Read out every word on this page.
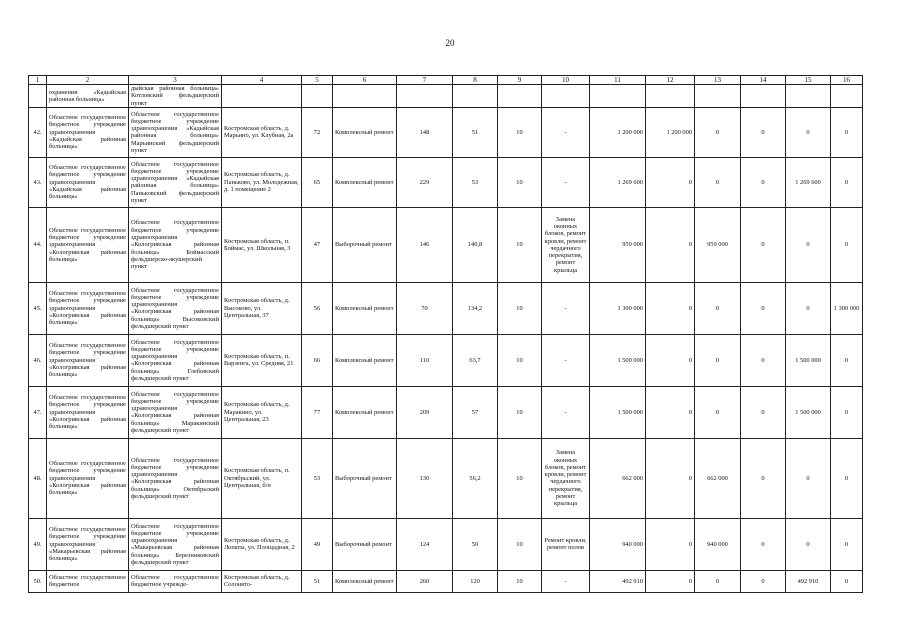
20
1	2	3	4	5	6	7	8	9	10	11	12	13	14	15	16
	охранения «Кадыйская районная больница»	дыйская районная больница» Котловский фельдшерский пункт													
42.	Областное государственное бюджетное учреждение здравоохранения «Кадыйская районная больница»	Областное государственное бюджетное учреждение здравоохранения «Кадыйская районная больница» Марьинский фельдшерский пункт	Костромская область, д. Марьино, ул. Клубная, 2а	72	Комплексный ремонт	148	51	10	-	1 200 000	1 200 000	0	0	0	0
43.	Областное государственное бюджетное учреждение здравоохранения «Кадыйская районная больница»	Областное государственное бюджетное учреждение здравоохранения «Кадыйская районная больница» Паньковский фельдшерский пункт	Костромская область, д. Паньково, ул. Молодежная, д. 1 помещение 2	65	Комплексный ремонт	229	53	10	-	1 269 600	0	0	0	1 269 600	0
44.	Областное государственное бюджетное учреждение здравоохранения «Кологривская районная больница»	Областное государственное бюджетное учреждение здравоохранения «Кологривская районная больница» Боймасский фельдшерско-акушерский пункт	Костромская область, п. Боймас, ул. Школьная, 3	47	Выборочный ремонт	146	140,8	10	Замена оконных блоков, ремонт кровли, ремонт чердачного перекрытия, ремонт крыльца	959 000	0	959 000	0	0	0
45.	Областное государственное бюджетное учреждение здравоохранения «Кологривская районная больница»	Областное государственное бюджетное учреждение здравоохранения «Кологривская районная больница» Высоковский фельдшерский пункт	Костромская область, д. Высоково, ул. Центральная, 37	56	Комплексный ремонт	70	134,2	10	-	1 300 000	0	0	0	0	1 300 000
46.	Областное государственное бюджетное учреждение здравоохранения «Кологривская районная больница»	Областное государственное бюджетное учреждение здравоохранения «Кологривская районная больница» Глебовский фельдшерский пункт	Костромская область, п. Варзенга, ул. Средняя, 21	66	Комплексный ремонт	110	63,7	10	-	1 500 000	0	0	0	1 500 000	0
47.	Областное государственное бюджетное учреждение здравоохранения «Кологривская районная больница»	Областное государственное бюджетное учреждение здравоохранения «Кологривская районная больница» Маракинский фельдшерский пункт	Костромская область, д. Маракино, ул. Центральная, 23	77	Комплексный ремонт	209	57	10	-	1 500 000	0	0	0	1 500 000	0
48.	Областное государственное бюджетное учреждение здравоохранения «Кологривская районная больница»	Областное государственное бюджетное учреждение здравоохранения «Кологривская районная больница» Октябрьский фельдшерский пункт	Костромская область, п. Октябрьский, ул. Центральная, б/н	53	Выборочный ремонт	130	56,2	10	Замена оконных блоков, ремонт кровли, ремонт чердачного перекрытия, ремонт крыльца	662 000	0	662 000	0	0	0
49.	Областное государственное бюджетное учреждение здравоохранения «Макарьевская районная больница»	Областное государственное бюджетное учреждение здравоохранения «Макарьевская районная больница» Березниковский фельдшерский пункт	Костромская область, д. Лопаты, ул. Площадная, 2	49	Выборочный ремонт	124	50	10	Ремонт кровли, ремонт полов	940 000	0	940 000	0	0	0
50.	Областное государственное бюджетное	Областное государственное бюджетное учрежде-	Костромская область, д. Солонято-	51	Комплексный ремонт	260	120	10	-	492 910	0	0	0	492 910	0
